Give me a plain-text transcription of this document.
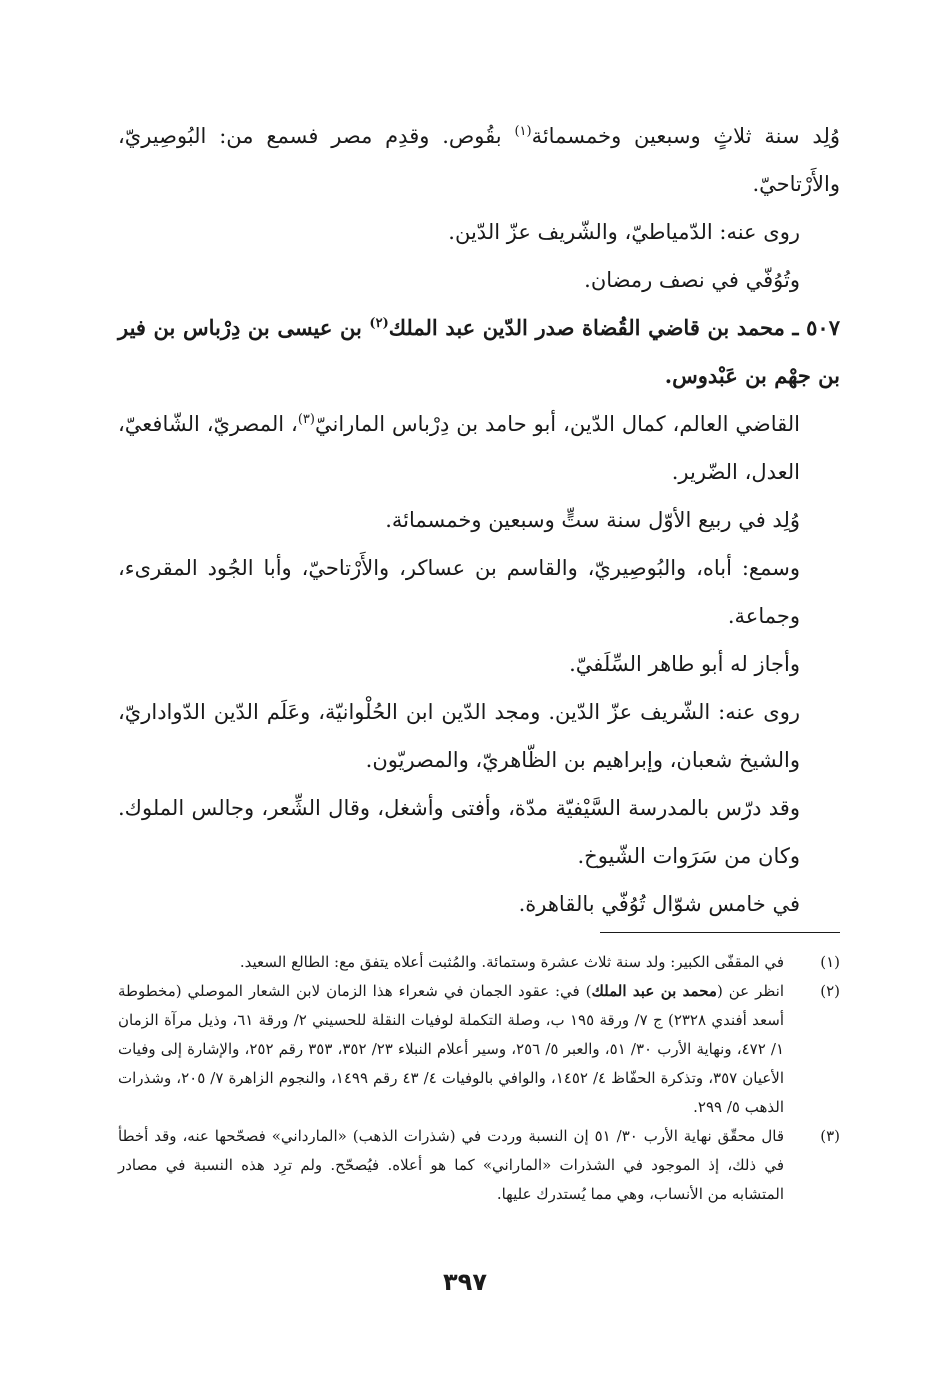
وُلِد سنة ثلاثٍ وسبعين وخمسمائة$^{(١)}$ بقُوص. وقدِم مصر فسمع من: البُوصِيريّ، والأَرْتاحيّ.

روى عنه: الدّمياطيّ، والشّريف عزّ الدّين.

وتُوُفّي في نصف رمضان.

٥٠٧ ـ محمد بن قاضي القُضاة صدر الدّين عبد الملك$^{(٢)}$ بن عيسى بن دِرْباس بن فير بن جهْم بن عَبْدوس.

القاضي العالم، كمال الدّين، أبو حامد بن دِرْباس المارانيّ$^{(٣)}$، المصريّ، الشّافعيّ، العدل، الضّرير.

وُلِد في ربيع الأوّل سنة ستٍّ وسبعين وخمسمائة.

وسمع: أباه، والبُوصِيريّ، والقاسم بن عساكر، والأَرْتاحيّ، وأبا الجُود المقرىء، وجماعة.

وأجاز له أبو طاهر السِّلَفيّ.

روى عنه: الشّريف عزّ الدّين. ومجد الدّين ابن الحُلْوانيّة، وعَلَم الدّين الدّواداريّ، والشيخ شعبان، وإبراهيم بن الظّاهريّ، والمصريّون.

وقد درّس بالمدرسة السَّيْفيّة مدّة، وأفتى وأشغل، وقال الشِّعر، وجالس الملوك. وكان من سَرَوات الشّيوخ.

في خامس شوّال تُوُفّي بالقاهرة.

(١)
في المقفّى الكبير: ولد سنة ثلاث عشرة وستمائة. والمُثبت أعلاه يتفق مع: الطالع السعيد.
(٢)
انظر عن (محمد بن عبد الملك) في: عقود الجمان في شعراء هذا الزمان لابن الشعار الموصلي (مخطوطة أسعد أفندي ٢٣٢٨) ج ٧/ ورقة ١٩٥ ب، وصلة التكملة لوفيات النقلة للحسيني ٢/ ورقة ٦١، وذيل مرآة الزمان ١/ ٤٧٢، ونهاية الأرب ٣٠/ ٥١، والعبر ٥/ ٢٥٦، وسير أعلام النبلاء ٢٣/ ٣٥٢، ٣٥٣ رقم ٢٥٢، والإشارة إلى وفيات الأعيان ٣٥٧، وتذكرة الحفّاظ ٤/ ١٤٥٢، والوافي بالوفيات ٤/ ٤٣ رقم ١٤٩٩، والنجوم الزاهرة ٧/ ٢٠٥، وشذرات الذهب ٥/ ٢٩٩.
(٣)
قال محقّق نهاية الأرب ٣٠/ ٥١ إن النسبة وردت في (شذرات الذهب) «المارداني» فصحّحها عنه، وقد أخطأ في ذلك، إذ الموجود في الشذرات «الماراني» كما هو أعلاه. فيُصحّح. ولم ترِد هذه النسبة في مصادر المتشابه من الأنساب، وهي مما يُستدرك عليها.
٣٩٧
